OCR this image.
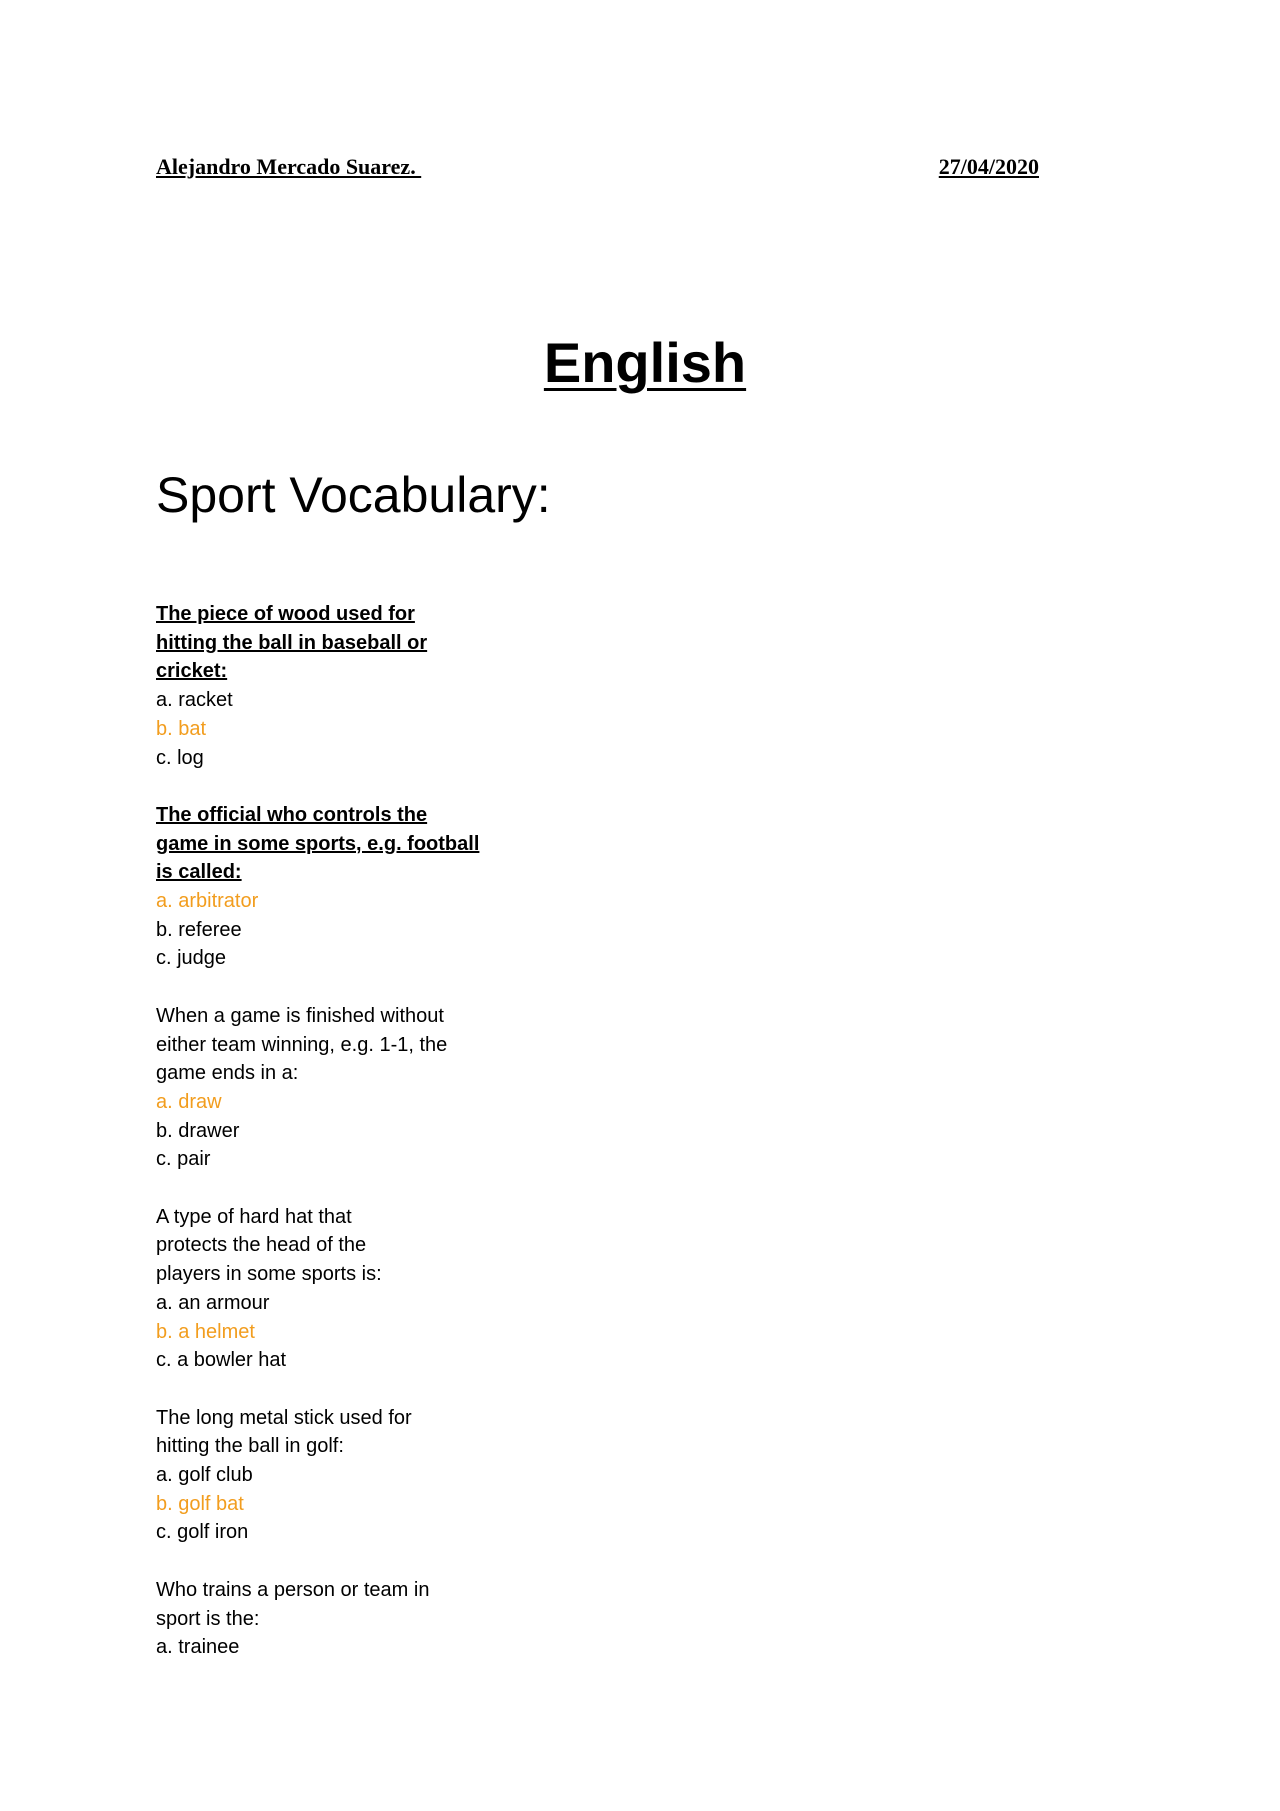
Alejandro Mercado Suarez.	27/04/2020
English
Sport Vocabulary:
The piece of wood used for
hitting the ball in baseball or
cricket:
a. racket
b. bat
c. log
The official who controls the
game in some sports, e.g. football
is called:
a. arbitrator
b. referee
c. judge
When a game is finished without
either team winning, e.g. 1-1, the
game ends in a:
a. draw
b. drawer
c. pair
A type of hard hat that
protects the head of the
players in some sports is:
a. an armour
b. a helmet
c. a bowler hat
The long metal stick used for
hitting the ball in golf:
a. golf club
b. golf bat
c. golf iron
Who trains a person or team in
sport is the:
a. trainee
